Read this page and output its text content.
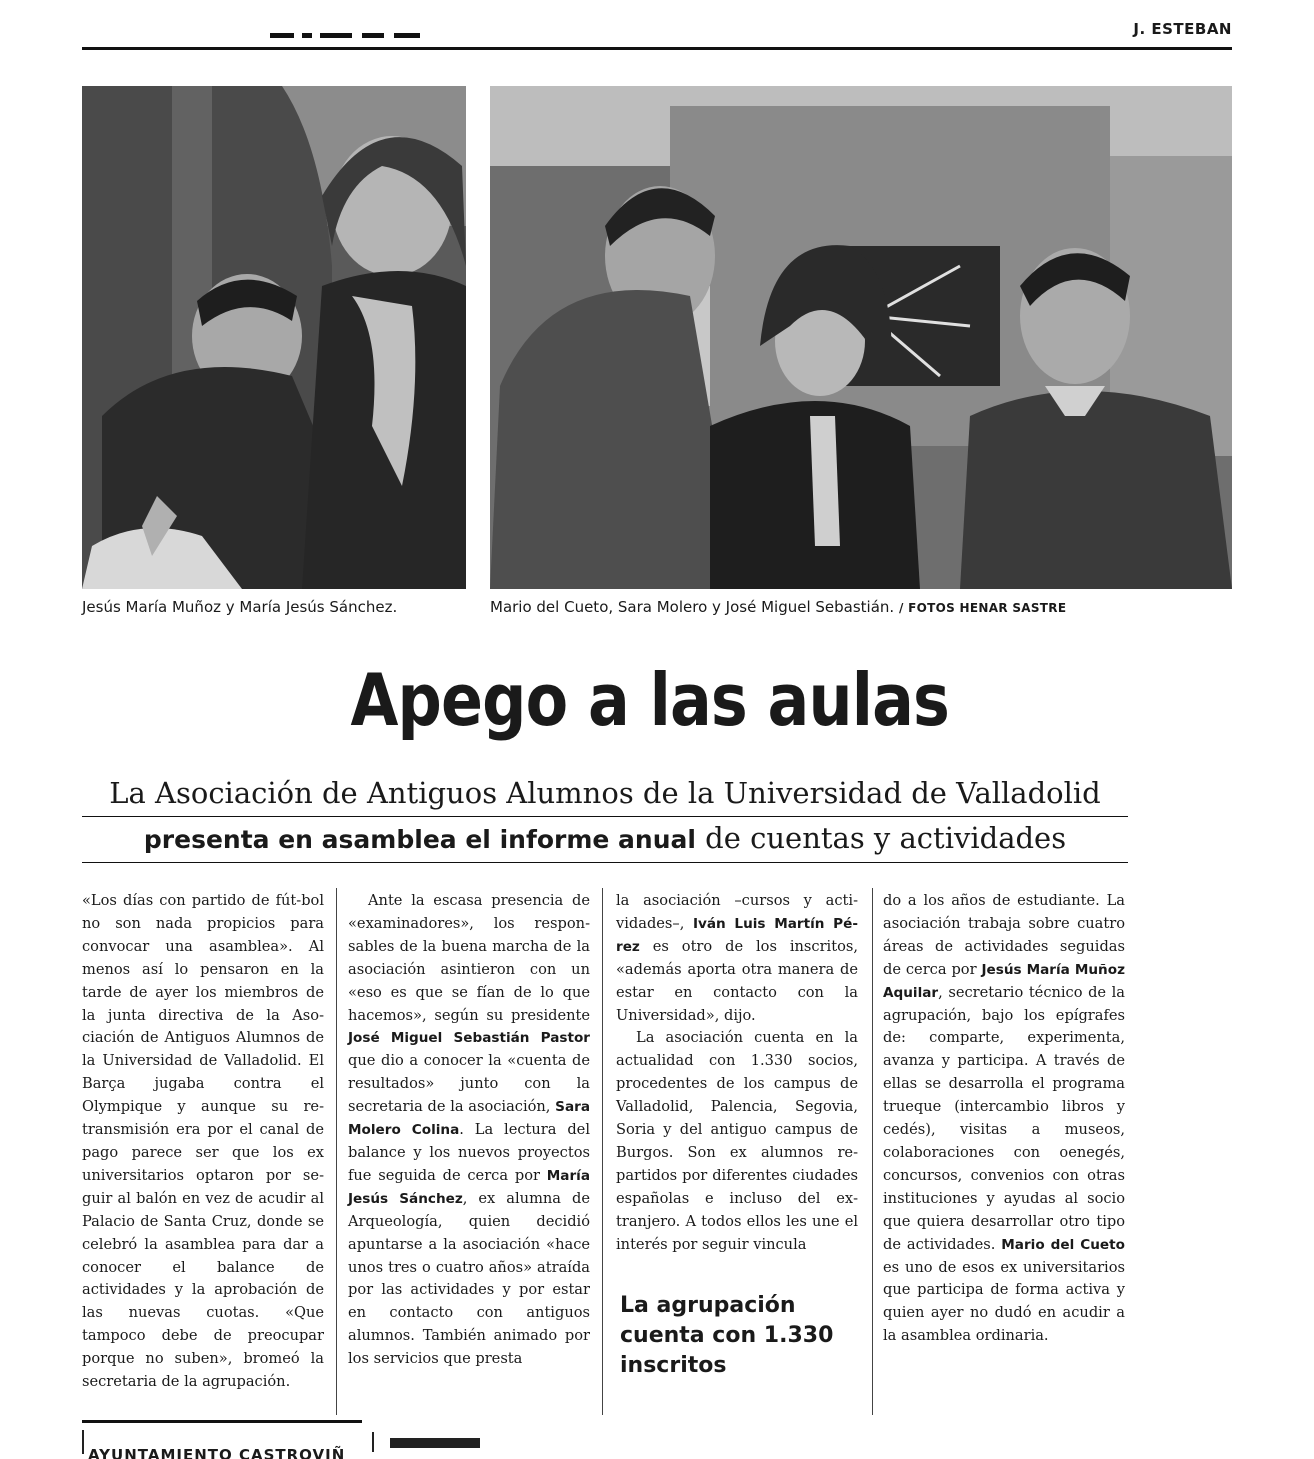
J. ESTEBAN
Jesús María Muñoz y María Jesús Sánchez.	Mario del Cueto, Sara Molero y José Miguel Sebastián. / FOTOS HENAR SASTRE
Apego a las aulas
La Asociación de Antiguos Alumnos de la Universidad de Valladolid
presenta en asamblea el informe anual de cuentas y actividades

«Los días con partido de fút-bol no son nada propicios para convocar una asamblea». Al menos así lo pensaron en la tarde de ayer los miembros de la junta directiva de la Asociación de Antiguos Alumnos de la Universidad de Valladolid. El Barça jugaba contra el Olympique y aunque su retransmisión era por el canal de pago parece ser que los ex universitarios optaron por seguir al balón en vez de acudir al Palacio de Santa Cruz, donde se celebró la asamblea para dar a conocer el balance de actividades y la aprobación de las nuevas cuotas. «Que tampoco debe de preocupar porque no suben», bromeó la secretaria de la agrupación.

Ante la escasa presencia de «examinadores», los responsables de la buena marcha de la asociación asintieron con un «eso es que se fían de lo que hacemos», según su presidente José Miguel Sebastián Pastor que dio a conocer la «cuenta de resultados» junto con la secretaria de la asociación, Sara Molero Colina. La lectura del balance y los nuevos proyectos fue seguida de cerca por María Jesús Sánchez, ex alumna de Arqueología, quien decidió apuntarse a la asociación «hace unos tres o cuatro años» atraída por las actividades y por estar en contacto con antiguos alumnos. También animado por los servicios que presta

la asociación –cursos y actividades–, Iván Luis Martín Pérez es otro de los inscritos, «además aporta otra manera de estar en contacto con la Universidad», dijo.

La asociación cuenta en la actualidad con 1.330 socios, procedentes de los campus de Valladolid, Palencia, Segovia, Soria y del antiguo campus de Burgos. Son ex alumnos repartidos por diferentes ciudades españolas e incluso del extranjero. A todos ellos les une el interés por seguir vincula

do a los años de estudiante. La asociación trabaja sobre cuatro áreas de actividades seguidas de cerca por Jesús María Muñoz Aquilar, secretario técnico de la agrupación, bajo los epígrafes de: comparte, experimenta, avanza y participa. A través de ellas se desarrolla el programa trueque (intercambio libros y cedés), visitas a museos, colaboraciones con oenegés, concursos, convenios con otras instituciones y ayudas al socio que quiera desarrollar otro tipo de actividades. Mario del Cueto es uno de esos ex universitarios que participa de forma activa y quien ayer no dudó en acudir a la asamblea ordinaria.

La agrupación cuenta con 1.330 inscritos
AYUNTAMIENTO CASTROVIÑ
